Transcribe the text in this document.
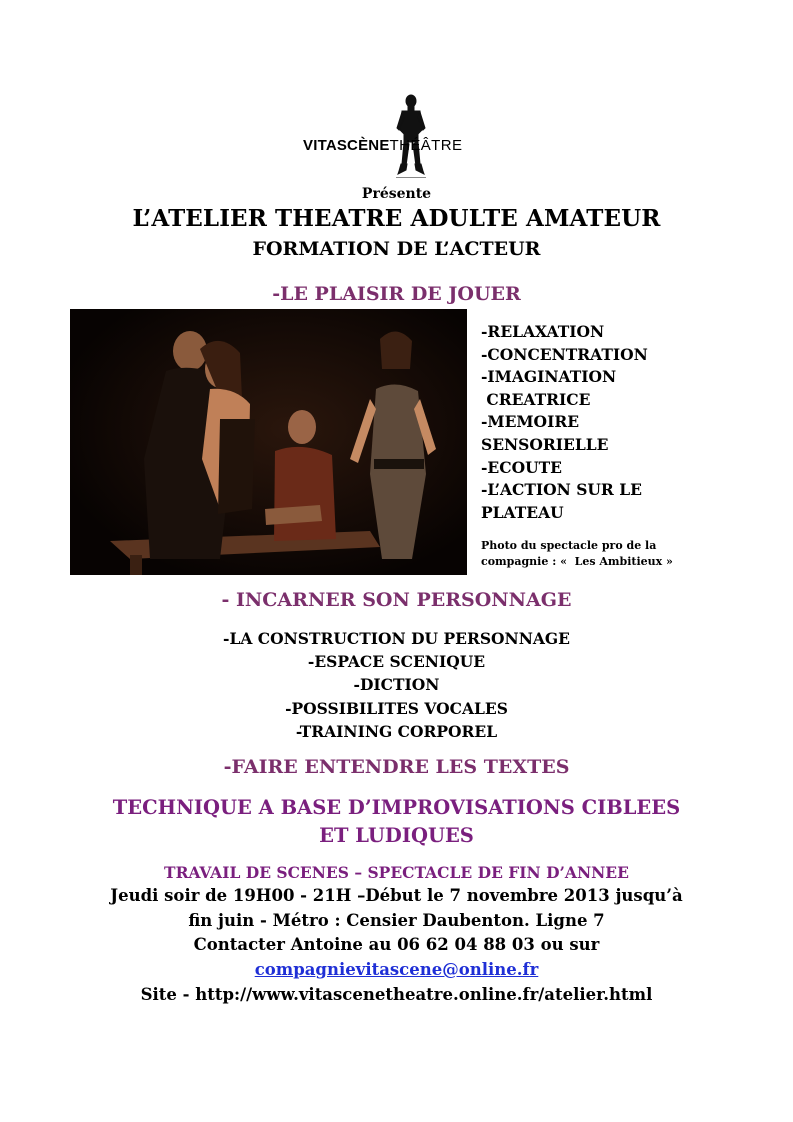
VITASCÈNETHÉÂTRE
Présente
L’ATELIER THEATRE ADULTE AMATEUR
FORMATION DE L’ACTEUR
-LE PLAISIR DE JOUER
-RELAXATION
-CONCENTRATION
-IMAGINATION
CREATRICE
-MEMOIRE
SENSORIELLE
-ECOUTE
-L’ACTION SUR LE
PLATEAU
Photo du spectacle pro de la
compagnie : «  Les Ambitieux »
- INCARNER SON PERSONNAGE
-LA CONSTRUCTION DU PERSONNAGE
-ESPACE SCENIQUE
-DICTION
-POSSIBILITES VOCALES
-TRAINING CORPOREL
-FAIRE ENTENDRE LES TEXTES
TECHNIQUE A BASE D’IMPROVISATIONS CIBLEES
ET LUDIQUES
TRAVAIL DE SCENES – SPECTACLE DE FIN D’ANNEE
Jeudi soir de 19H00 - 21H –Début le 7 novembre 2013 jusqu’à
fin juin - Métro : Censier Daubenton. Ligne 7
Contacter Antoine au 06 62 04 88 03 ou sur
compagnievitascene@online.fr
Site - http://www.vitascenetheatre.online.fr/atelier.html
